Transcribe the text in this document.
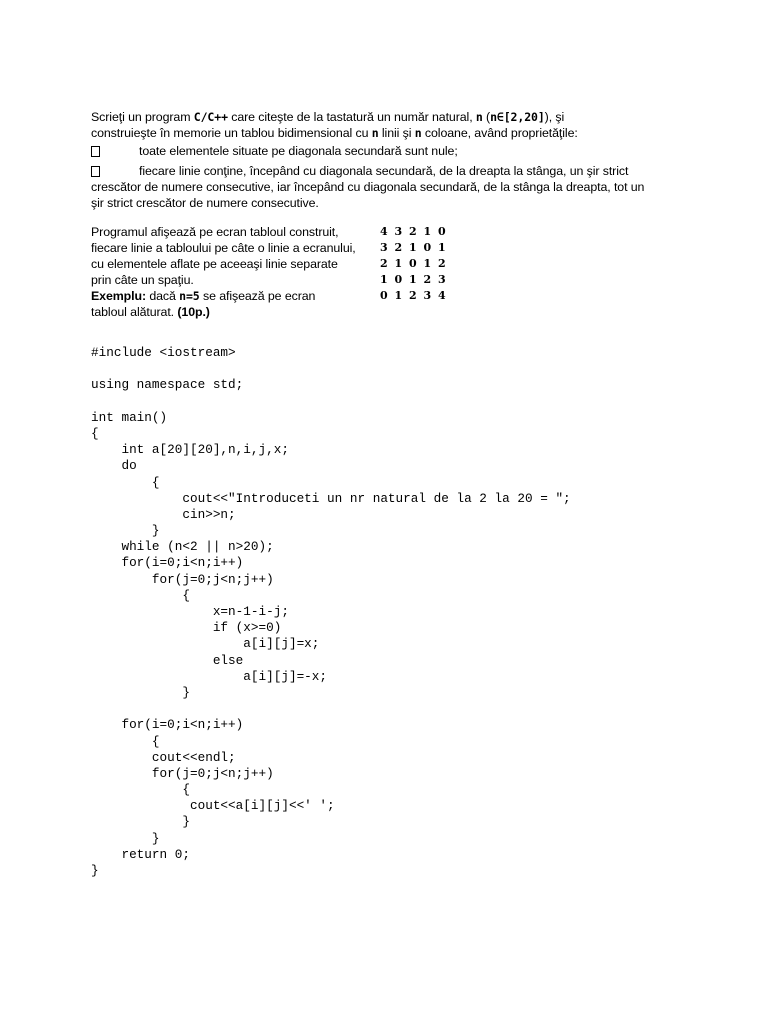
Scrieţi un program C/C++ care citeşte de la tastatură un număr natural, n (n∈[2,20]), şi
construieşte în memorie un tablou bidimensional cu n linii şi n coloane, având proprietăţile:
toate elementele situate pe diagonala secundară sunt nule;
fiecare linie conţine, începând cu diagonala secundară, de la dreapta la stânga, un şir strict crescător de numere consecutive, iar începând cu diagonala secundară, de la stânga la dreapta, tot un şir strict crescător de numere consecutive.
Programul afişează pe ecran tabloul construit,
fiecare linie a tabloului pe câte o linie a ecranului,
cu elementele aflate pe aceeaşi linie separate
prin câte un spaţiu.
Exemplu: dacă n=5 se afişează pe ecran
tabloul alăturat. (10p.)
4 3 2 1 0
3 2 1 0 1
2 1 0 1 2
1 0 1 2 3
0 1 2 3 4
#include <iostream>
using namespace std;
int main()
{
int a[20][20],n,i,j,x;
do
{
cout<<"Introduceti un nr natural de la 2 la 20 = ";
cin>>n;
}
while (n<2 || n>20);
for(i=0;i<n;i++)
for(j=0;j<n;j++)
{
x=n-1-i-j;
if (x>=0)
a[i][j]=x;
else
a[i][j]=-x;
}
for(i=0;i<n;i++)
{
cout<<endl;
for(j=0;j<n;j++)
{
cout<<a[i][j]<<' ';
}
}
return 0;
}
